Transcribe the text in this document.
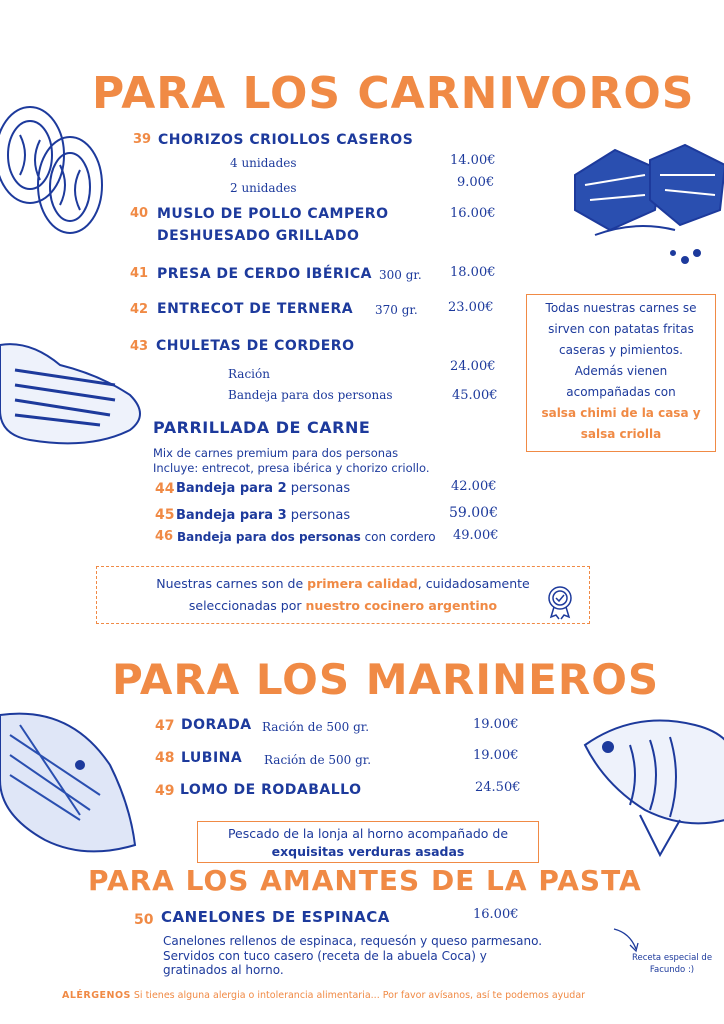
PARA LOS CARNIVOROS
39 CHORIZOS CRIOLLOS CASEROS
4 unidades	14.00€
2 unidades	9.00€
40 MUSLO DE POLLO CAMPERO
DESHUESADO GRILLADO
16.00€
41 PRESA DE CERDO IBÉRICA 300 gr. 18.00€
42 ENTRECOT DE TERNERA 370 gr. 23.00€
43 CHULETAS DE CORDERO
Ración	24.00€
Bandeja para dos personas	45.00€
Todas nuestras carnes se
sirven con patatas fritas
caseras y pimientos.
Además vienen
acompañadas con
salsa chimi de la casa y
salsa criolla
PARRILLADA DE CARNE
Mix de carnes premium para dos personas
Incluye: entrecot, presa ibérica y chorizo criollo.
44 Bandeja para 2 personas	42.00€
45 Bandeja para 3 personas	59.00€
46 Bandeja para dos personas con cordero 49.00€
Nuestras carnes son de primera calidad, cuidadosamente
seleccionadas por nuestro cocinero argentino
PARA LOS MARINEROS
47 DORADA Ración de 500 gr.	19.00€
48 LUBINA Ración de 500 gr.	19.00€
49 LOMO DE RODABALLO	24.50€
Pescado de la lonja al horno acompañado de
exquisitas verduras asadas
PARA LOS AMANTES DE LA PASTA
50 CANELONES DE ESPINACA	16.00€
Canelones rellenos de espinaca, requesón y queso parmesano.
Servidos con tuco casero (receta de la abuela Coca) y
gratinados al horno.
Receta especial de
Facundo :)
ALÉRGENOS Si tienes alguna alergia o intolerancia alimentaria... Por favor avísanos, así te podemos ayudar
